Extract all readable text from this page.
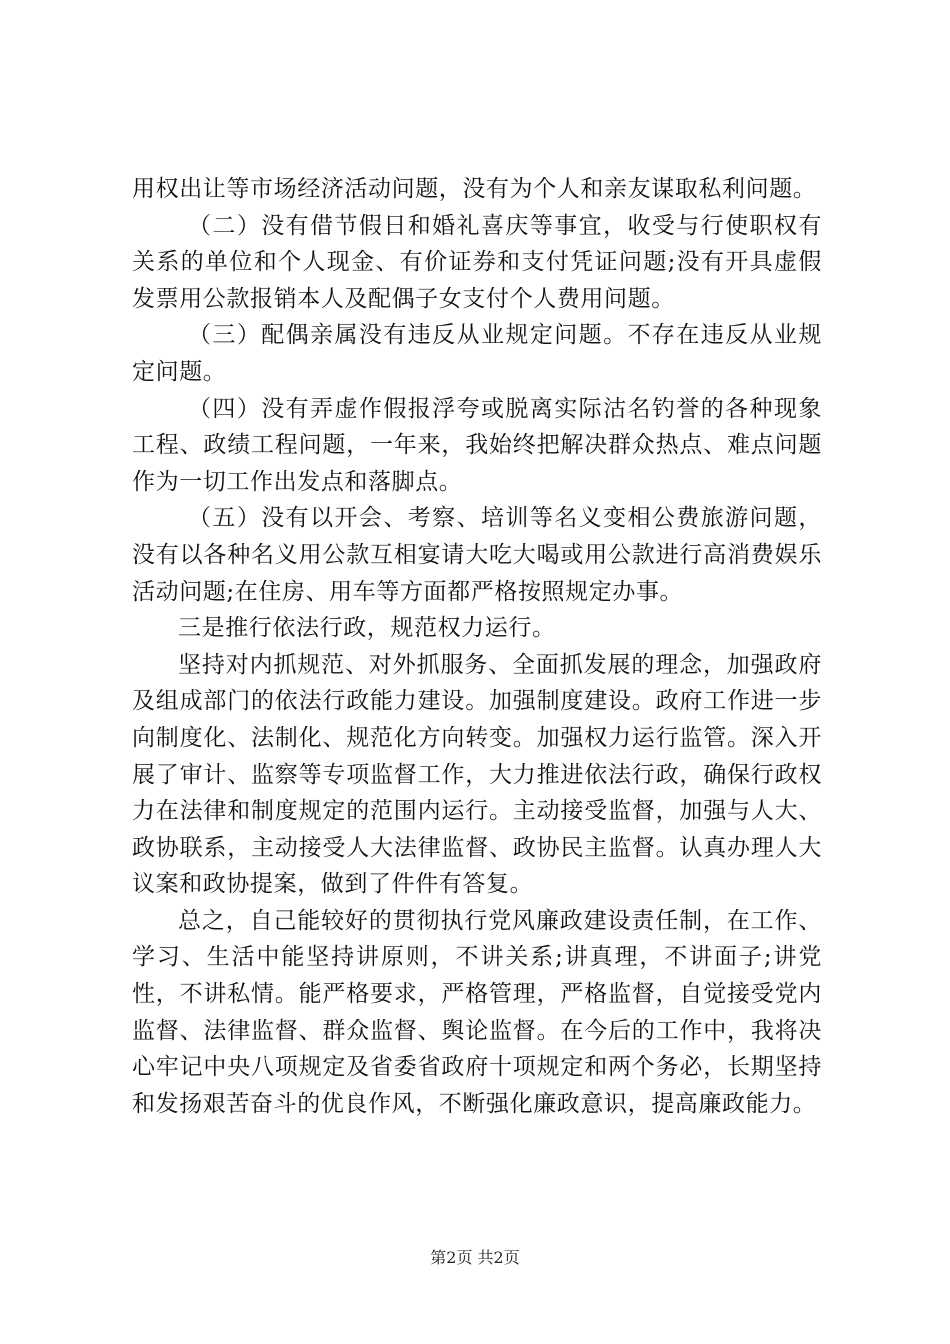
用权出让等市场经济活动问题，没有为个人和亲友谋取私利问题。

（二）没有借节假日和婚礼喜庆等事宜，收受与行使职权有关系的单位和个人现金、有价证券和支付凭证问题;没有开具虚假发票用公款报销本人及配偶子女支付个人费用问题。

（三）配偶亲属没有违反从业规定问题。不存在违反从业规定问题。

（四）没有弄虚作假报浮夸或脱离实际沽名钓誉的各种现象工程、政绩工程问题，一年来，我始终把解决群众热点、难点问题作为一切工作出发点和落脚点。

（五）没有以开会、考察、培训等名义变相公费旅游问题，没有以各种名义用公款互相宴请大吃大喝或用公款进行高消费娱乐活动问题;在住房、用车等方面都严格按照规定办事。

三是推行依法行政，规范权力运行。

坚持对内抓规范、对外抓服务、全面抓发展的理念，加强政府及组成部门的依法行政能力建设。加强制度建设。政府工作进一步向制度化、法制化、规范化方向转变。加强权力运行监管。深入开展了审计、监察等专项监督工作，大力推进依法行政，确保行政权力在法律和制度规定的范围内运行。主动接受监督，加强与人大、政协联系，主动接受人大法律监督、政协民主监督。认真办理人大议案和政协提案，做到了件件有答复。

总之，自己能较好的贯彻执行党风廉政建设责任制，在工作、学习、生活中能坚持讲原则，不讲关系;讲真理，不讲面子;讲党性，不讲私情。能严格要求，严格管理，严格监督，自觉接受党内监督、法律监督、群众监督、舆论监督。在今后的工作中，我将决心牢记中央八项规定及省委省政府十项规定和两个务必，长期坚持和发扬艰苦奋斗的优良作风，不断强化廉政意识，提高廉政能力。

第2页 共2页
